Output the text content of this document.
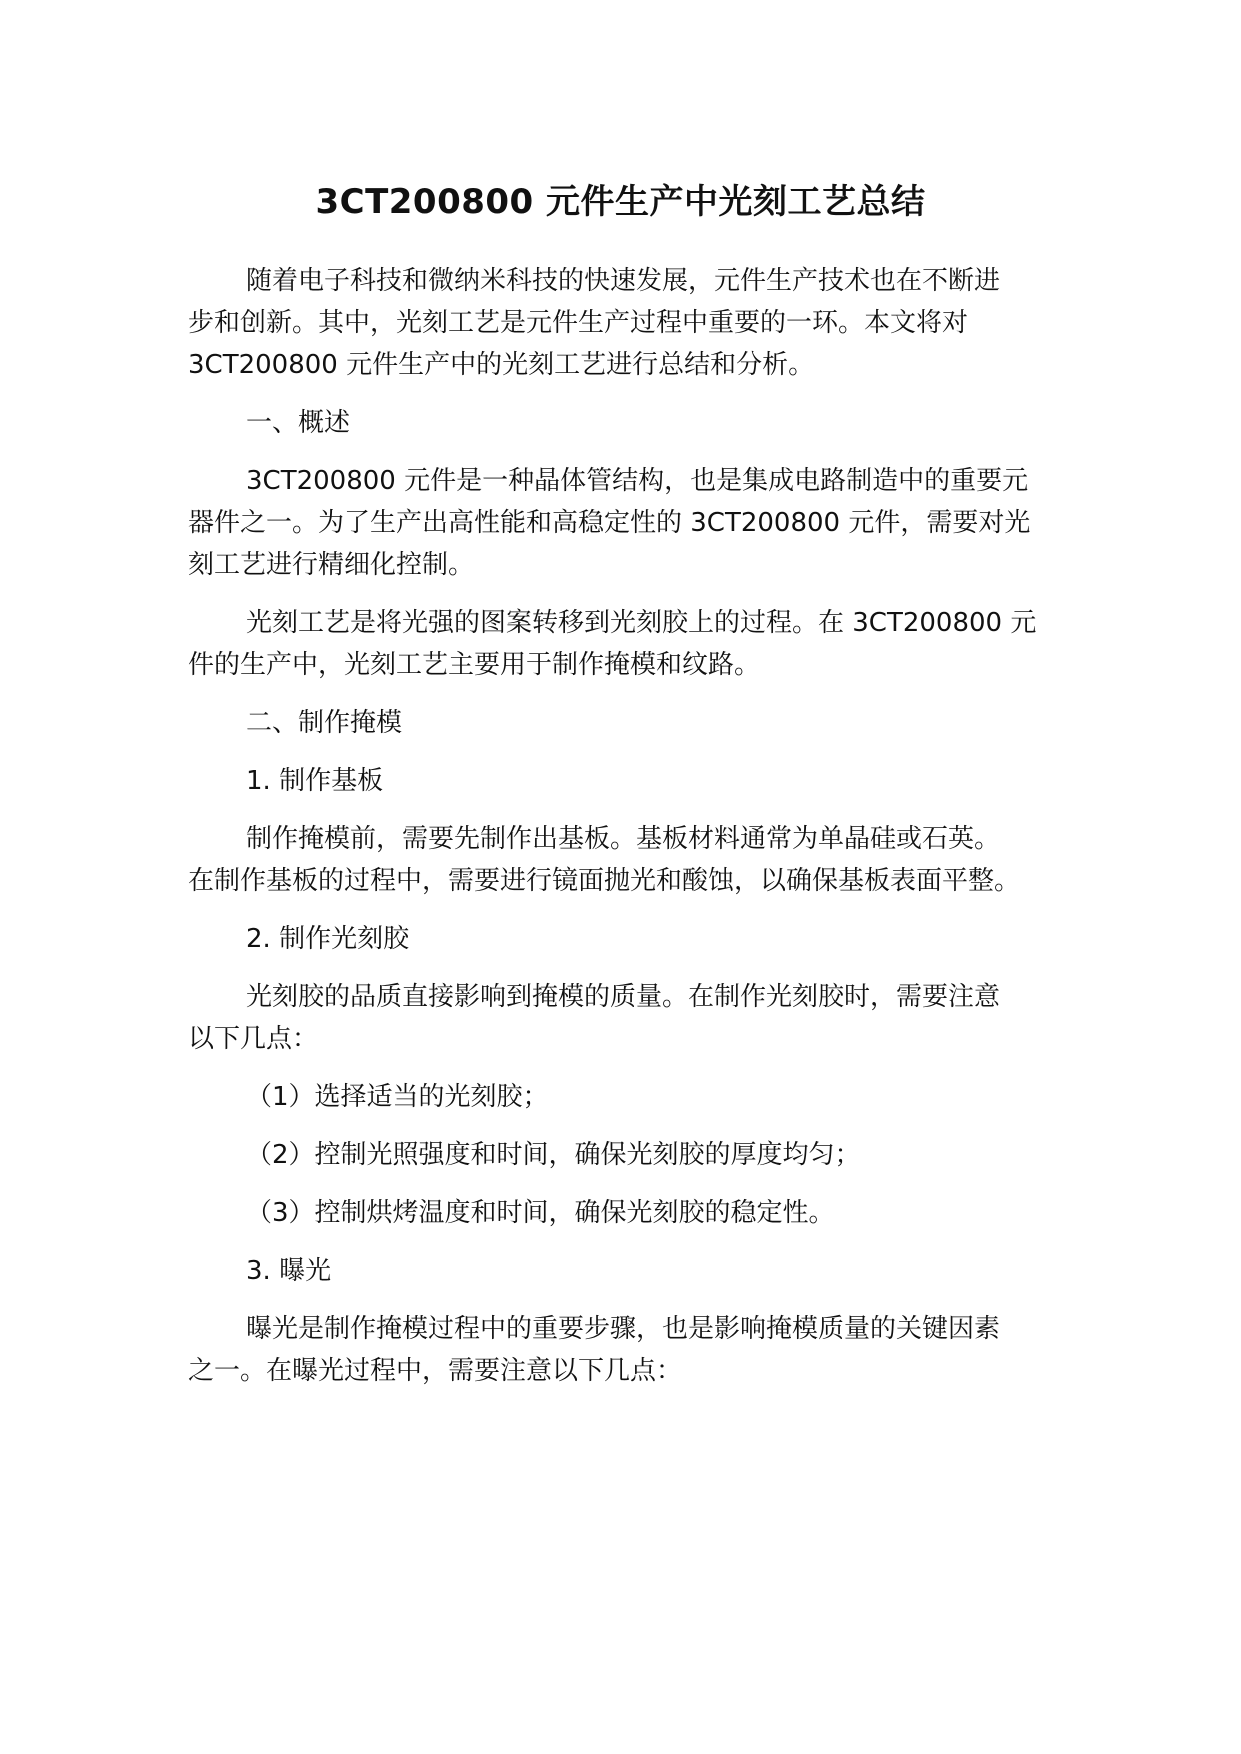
3CT200800 元件生产中光刻工艺总结
随着电子科技和微纳米科技的快速发展，元件生产技术也在不断进
步和创新。其中，光刻工艺是元件生产过程中重要的一环。本文将对
3CT200800 元件生产中的光刻工艺进行总结和分析。
一、概述
3CT200800 元件是一种晶体管结构，也是集成电路制造中的重要元
器件之一。为了生产出高性能和高稳定性的 3CT200800 元件，需要对光
刻工艺进行精细化控制。
光刻工艺是将光强的图案转移到光刻胶上的过程。在 3CT200800 元
件的生产中，光刻工艺主要用于制作掩模和纹路。
二、制作掩模
1. 制作基板
制作掩模前，需要先制作出基板。基板材料通常为单晶硅或石英。
在制作基板的过程中，需要进行镜面抛光和酸蚀，以确保基板表面平整。
2. 制作光刻胶
光刻胶的品质直接影响到掩模的质量。在制作光刻胶时，需要注意
以下几点：
（1）选择适当的光刻胶；
（2）控制光照强度和时间，确保光刻胶的厚度均匀；
（3）控制烘烤温度和时间，确保光刻胶的稳定性。
3. 曝光
曝光是制作掩模过程中的重要步骤，也是影响掩模质量的关键因素
之一。在曝光过程中，需要注意以下几点：
